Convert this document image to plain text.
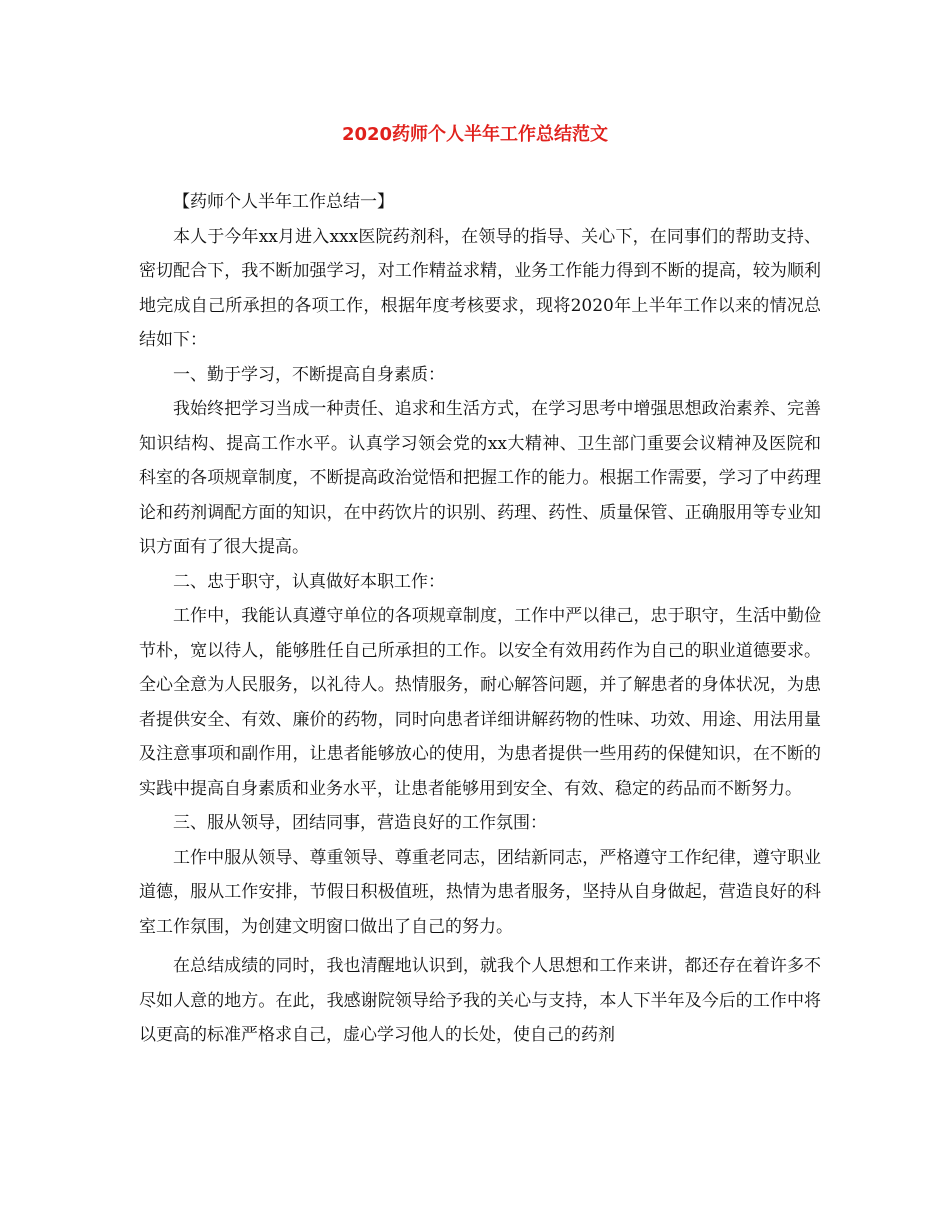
2020药师个人半年工作总结范文

【药师个人半年工作总结一】

本人于今年xx月进入xxx医院药剂科，在领导的指导、关心下，在同事们的帮助支持、密切配合下，我不断加强学习，对工作精益求精，业务工作能力得到不断的提高，较为顺利地完成自己所承担的各项工作，根据年度考核要求，现将2020年上半年工作以来的情况总结如下：

一、勤于学习，不断提高自身素质：

我始终把学习当成一种责任、追求和生活方式，在学习思考中增强思想政治素养、完善知识结构、提高工作水平。认真学习领会党的xx大精神、卫生部门重要会议精神及医院和科室的各项规章制度，不断提高政治觉悟和把握工作的能力。根据工作需要，学习了中药理论和药剂调配方面的知识，在中药饮片的识别、药理、药性、质量保管、正确服用等专业知识方面有了很大提高。

二、忠于职守，认真做好本职工作：

工作中，我能认真遵守单位的各项规章制度，工作中严以律己，忠于职守，生活中勤俭节朴，宽以待人，能够胜任自己所承担的工作。以安全有效用药作为自己的职业道德要求。全心全意为人民服务，以礼待人。热情服务，耐心解答问题，并了解患者的身体状况，为患者提供安全、有效、廉价的药物，同时向患者详细讲解药物的性味、功效、用途、用法用量及注意事项和副作用，让患者能够放心的使用，为患者提供一些用药的保健知识，在不断的实践中提高自身素质和业务水平，让患者能够用到安全、有效、稳定的药品而不断努力。

三、服从领导，团结同事，营造良好的工作氛围：

工作中服从领导、尊重领导、尊重老同志，团结新同志，严格遵守工作纪律，遵守职业道德，服从工作安排，节假日积极值班，热情为患者服务，坚持从自身做起，营造良好的科室工作氛围，为创建文明窗口做出了自己的努力。

在总结成绩的同时，我也清醒地认识到，就我个人思想和工作来讲，都还存在着许多不尽如人意的地方。在此，我感谢院领导给予我的关心与支持，本人下半年及今后的工作中将以更高的标准严格求自己，虚心学习他人的长处，使自己的药剂
